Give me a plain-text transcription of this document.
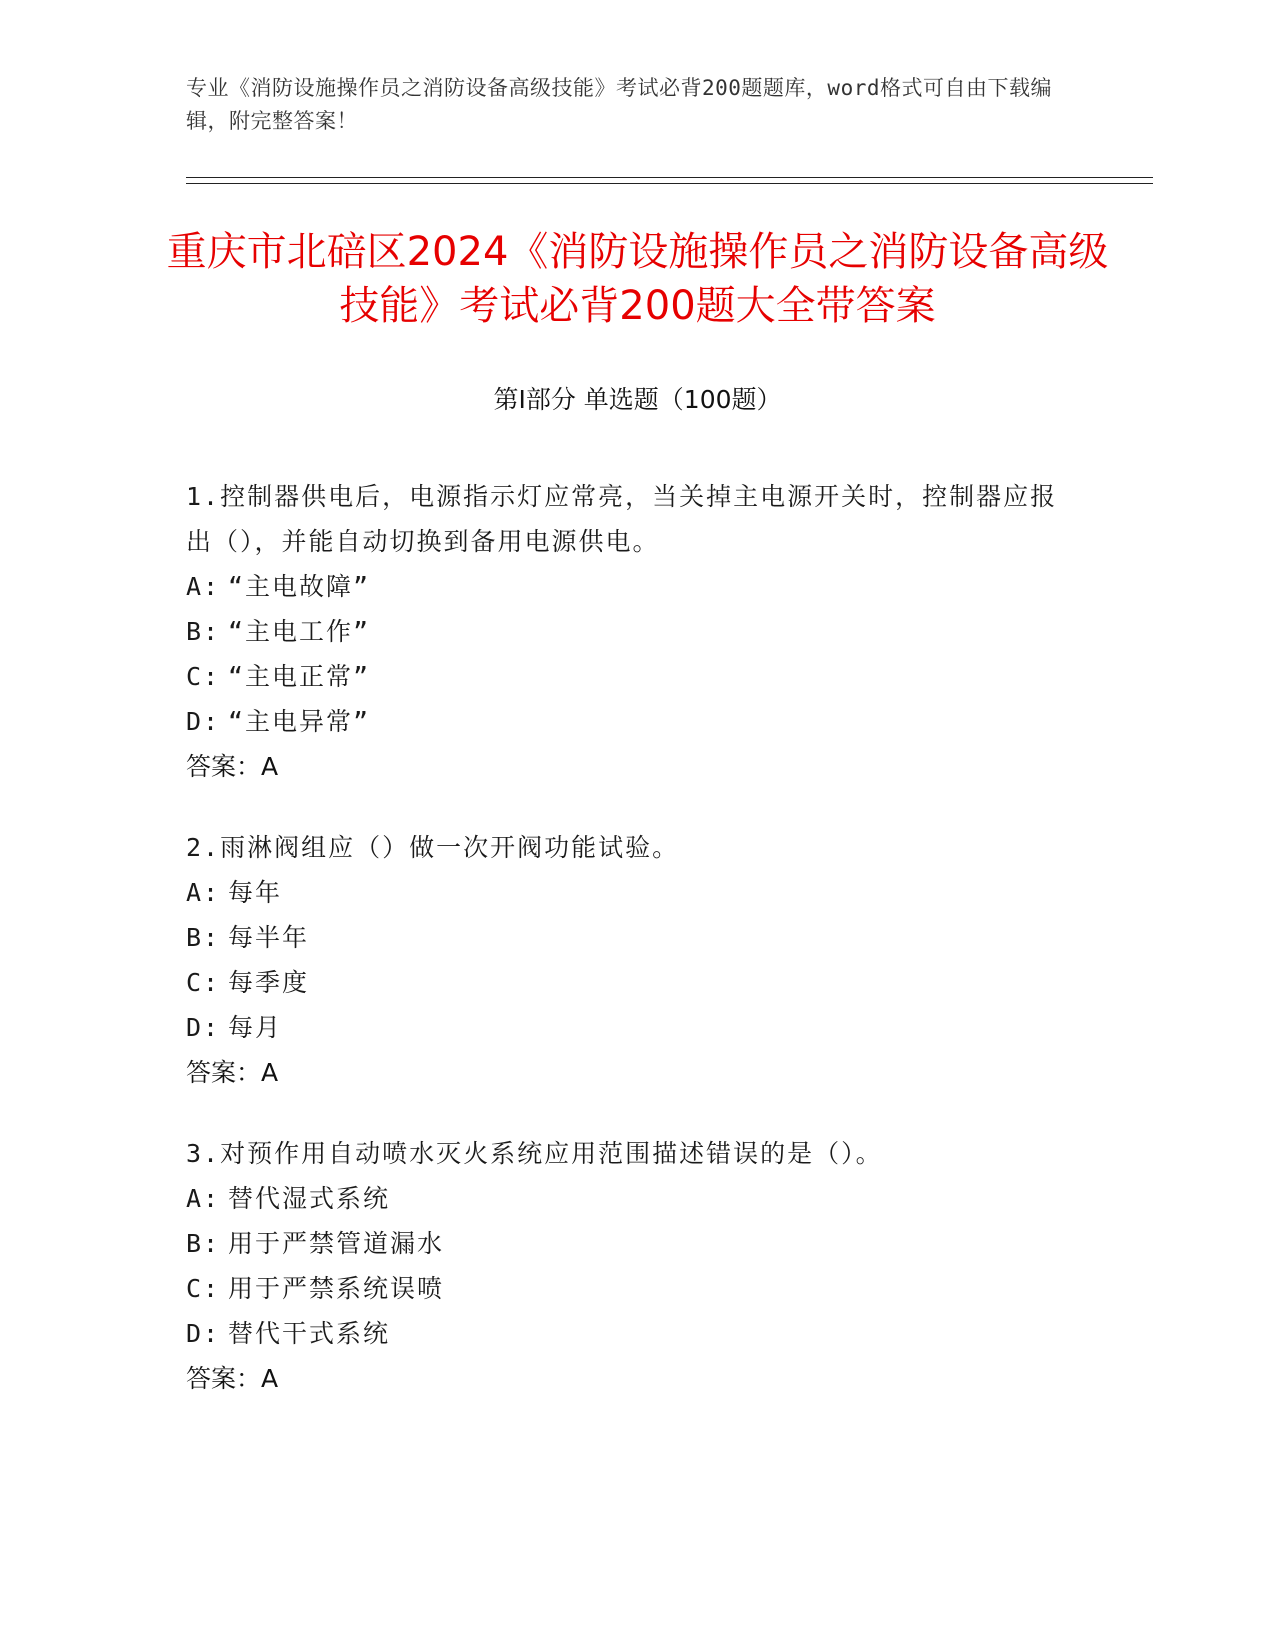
专业《消防设施操作员之消防设备高级技能》考试必背200题题库，word格式可自由下载编辑，附完整答案！
重庆市北碚区2024《消防设施操作员之消防设备高级技能》考试必背200题大全带答案
第Ⅰ部分 单选题（100题）
1.控制器供电后，电源指示灯应常亮，当关掉主电源开关时，控制器应报出（），并能自动切换到备用电源供电。
A: “主电故障”
B: “主电工作”
C: “主电正常”
D: “主电异常”
答案：A
2.雨淋阀组应（）做一次开阀功能试验。
A: 每年
B: 每半年
C: 每季度
D: 每月
答案：A
3.对预作用自动喷水灭火系统应用范围描述错误的是（）。
A: 替代湿式系统
B: 用于严禁管道漏水
C: 用于严禁系统误喷
D: 替代干式系统
答案：A
